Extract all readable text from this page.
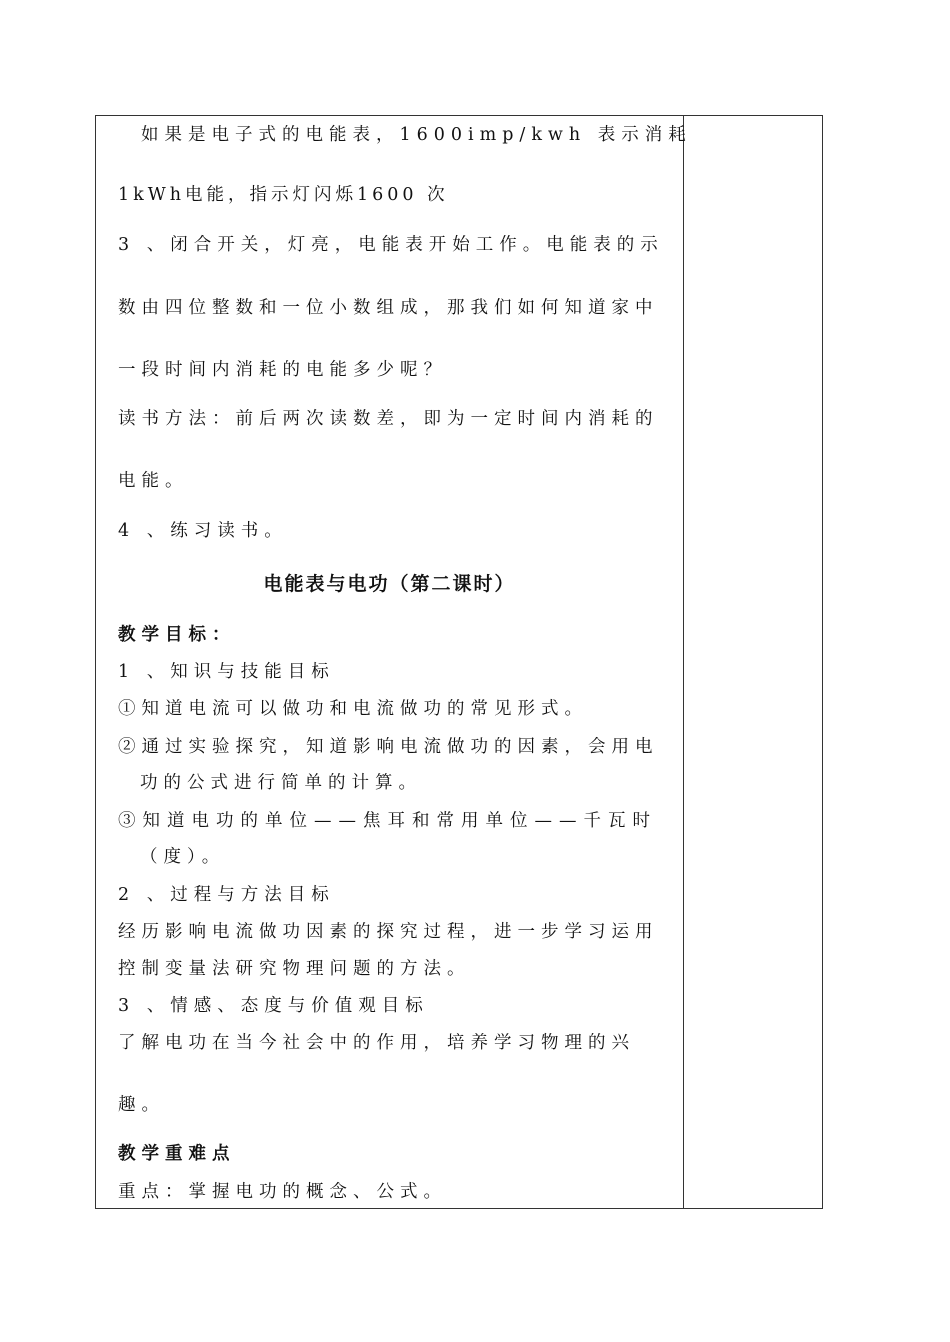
如果是电子式的电能表，1600imp/kwh 表示消耗
1kWh电能，指示灯闪烁1600 次
3 、闭合开关，灯亮，电能表开始工作。电能表的示
数由四位整数和一位小数组成，那我们如何知道家中
一段时间内消耗的电能多少呢？
读书方法：前后两次读数差，即为一定时间内消耗的
电能。
4 、练习读书。
电能表与电功（第二课时）
教学目标：
1 、知识与技能目标
①知道电流可以做功和电流做功的常见形式。
②通过实验探究，知道影响电流做功的因素，会用电
功的公式进行简单的计算。
③知道电功的单位——焦耳和常用单位——千瓦时
（度）。
2 、过程与方法目标
经历影响电流做功因素的探究过程，进一步学习运用
控制变量法研究物理问题的方法。
3 、情感、态度与价值观目标
了解电功在当今社会中的作用，培养学习物理的兴
趣。
教学重难点
重点：掌握电功的概念、公式。
